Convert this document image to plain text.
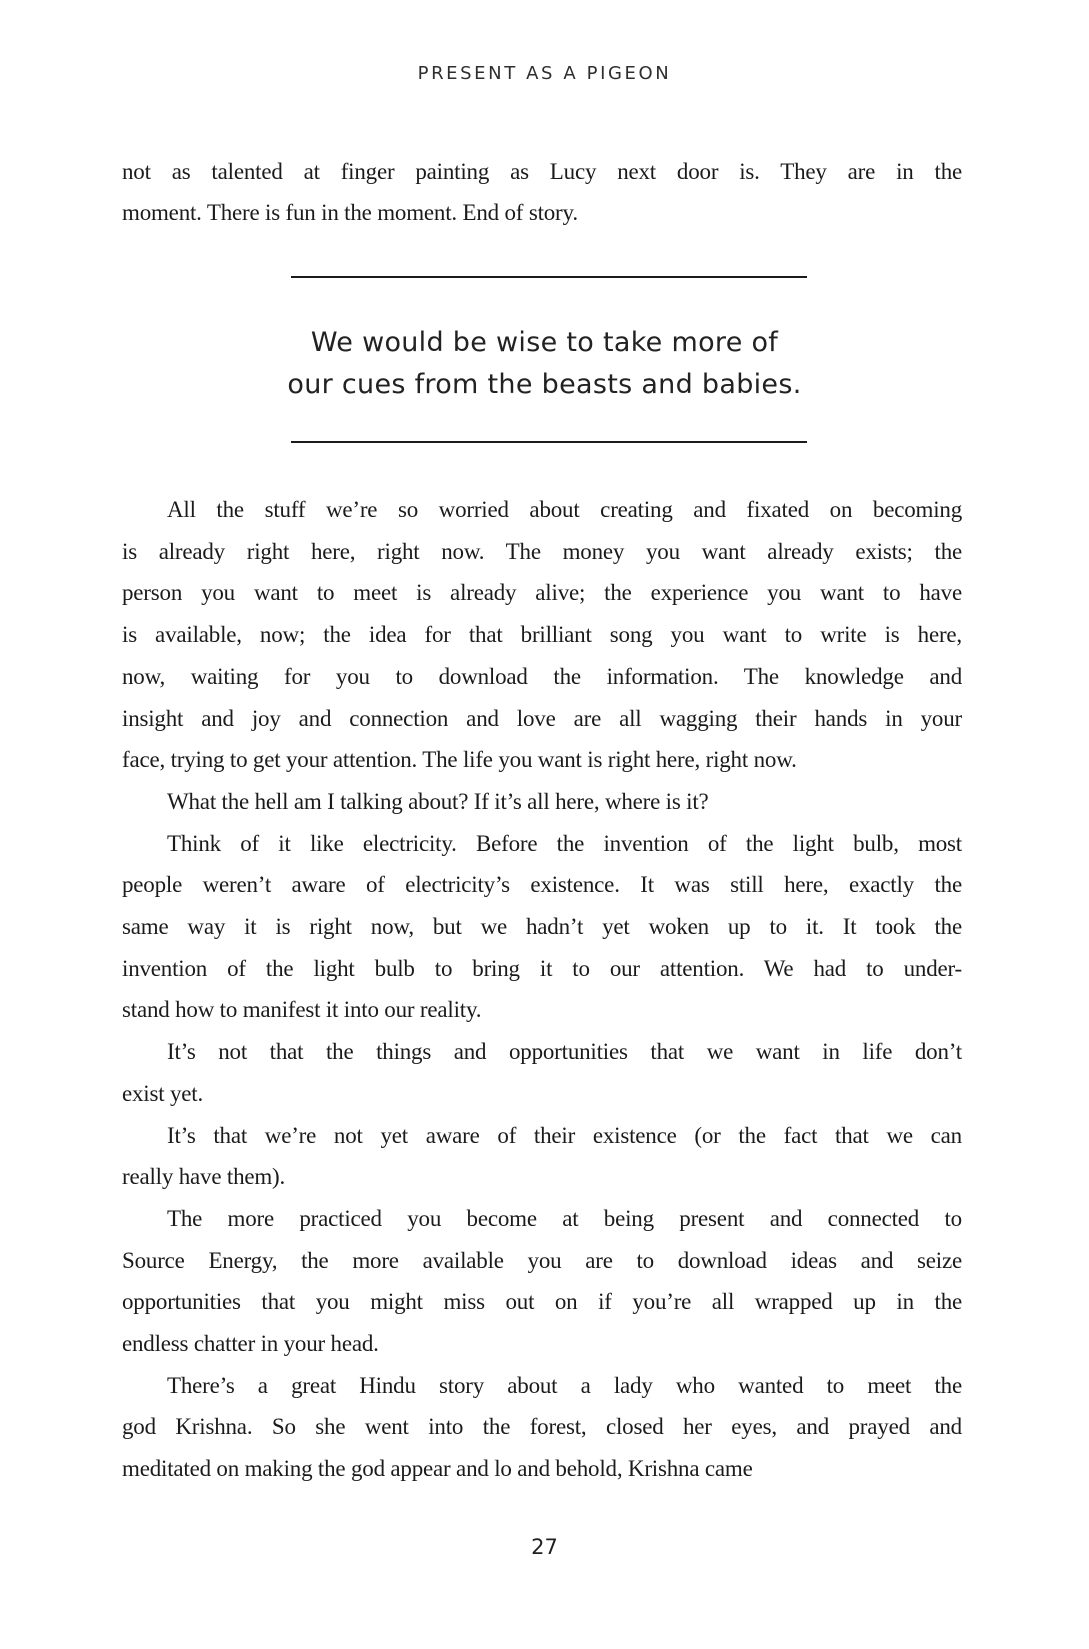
PRESENT AS A PIGEON
not as talented at finger painting as Lucy next door is. They are in the
moment. There is fun in the moment. End of story.
We would be wise to take more of
our cues from the beasts and babies.
All the stuff we’re so worried about creating and fixated on becoming
is already right here, right now. The money you want already exists; the
person you want to meet is already alive; the experience you want to have
is available, now; the idea for that brilliant song you want to write is here,
now, waiting for you to download the information. The knowledge and
insight and joy and connection and love are all wagging their hands in your
face, trying to get your attention. The life you want is right here, right now.
What the hell am I talking about? If it’s all here, where is it?
Think of it like electricity. Before the invention of the light bulb, most
people weren’t aware of electricity’s existence. It was still here, exactly the
same way it is right now, but we hadn’t yet woken up to it. It took the
invention of the light bulb to bring it to our attention. We had to under-
stand how to manifest it into our reality.
It’s not that the things and opportunities that we want in life don’t
exist yet.
It’s that we’re not yet aware of their existence (or the fact that we can
really have them).
The more practiced you become at being present and connected to
Source Energy, the more available you are to download ideas and seize
opportunities that you might miss out on if you’re all wrapped up in the
endless chatter in your head.
There’s a great Hindu story about a lady who wanted to meet the
god Krishna. So she went into the forest, closed her eyes, and prayed and
meditated on making the god appear and lo and behold, Krishna came
27
